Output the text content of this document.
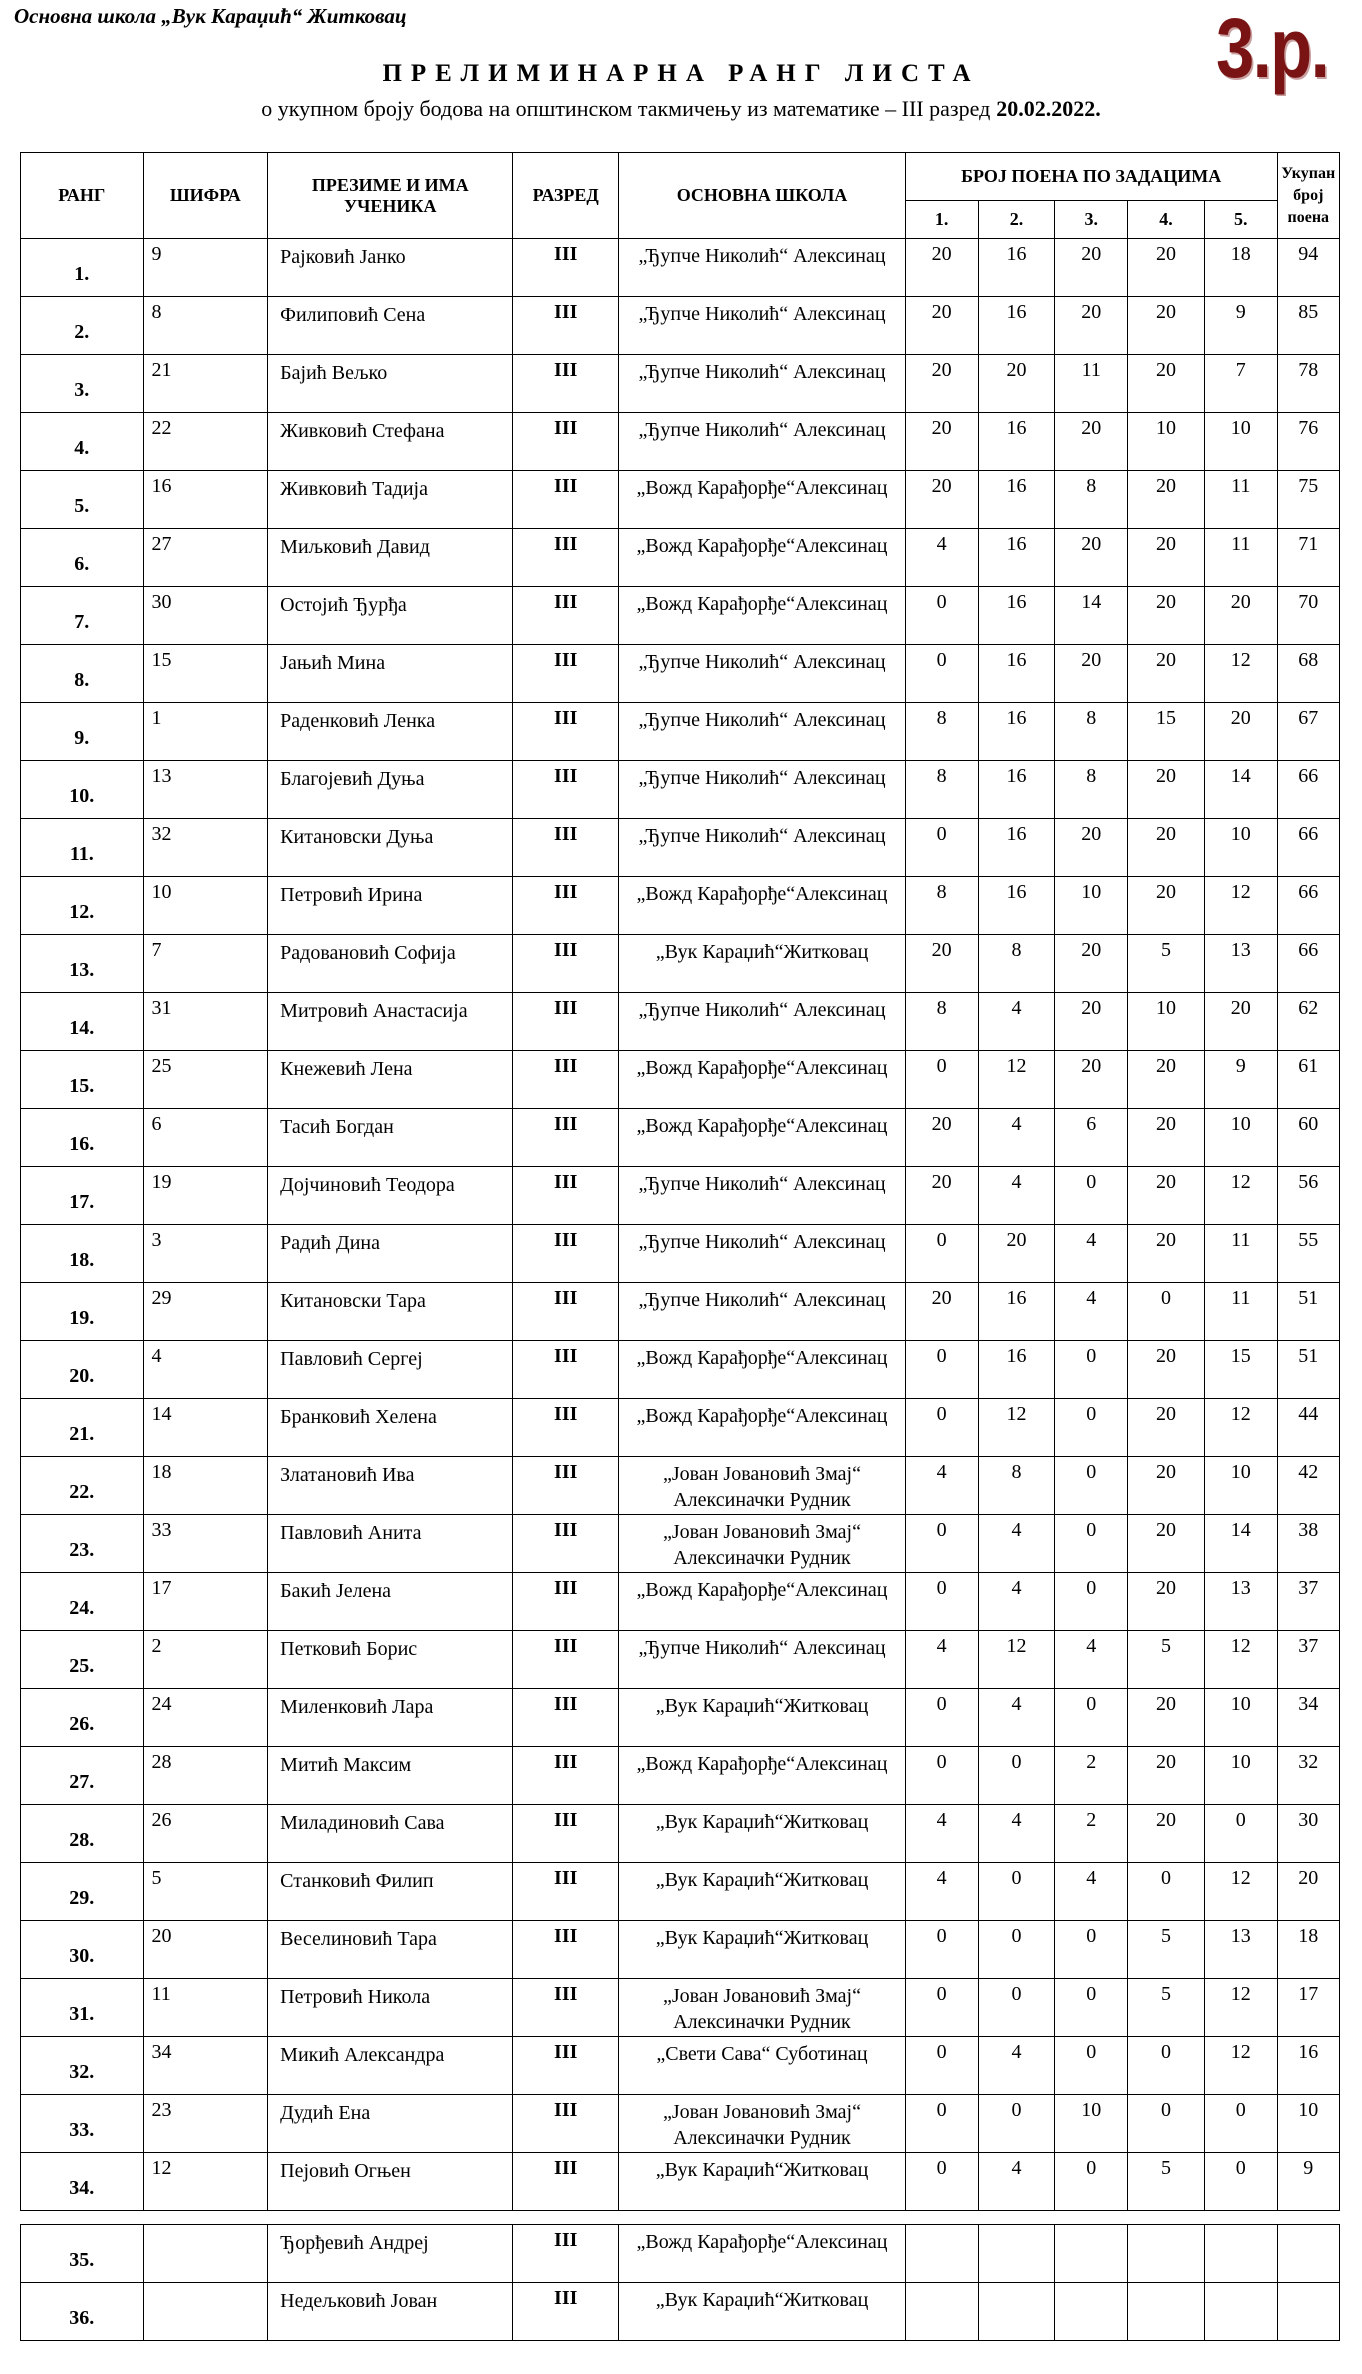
Основна школа „Вук Караџић“ Житковац	3.р.
ПРЕЛИМИНАРНА РАНГ ЛИСТА
о укупном броју бодова на општинском такмичењу из математике – III разред 20.02.2022.
РАНГ	ШИФРА	ПРЕЗИМЕ И ИМА УЧЕНИКА	РАЗРЕД	ОСНОВНА ШКОЛА	БРОЈ ПОЕНА ПО ЗАДАЦИМА					Укупан број поена
					1.	2.	3.	4.	5.	
1.	9	Рајковић Јанко	III	„Ђупче Николић“ Алексинац	20	16	20	20	18	94
2.	8	Филиповић Сена	III	„Ђупче Николић“ Алексинац	20	16	20	20	9	85
3.	21	Бајић Вељко	III	„Ђупче Николић“ Алексинац	20	20	11	20	7	78
4.	22	Живковић Стефана	III	„Ђупче Николић“ Алексинац	20	16	20	10	10	76
5.	16	Живковић Тадија	III	„Вожд Карађорђе“Алексинац	20	16	8	20	11	75
6.	27	Миљковић Давид	III	„Вожд Карађорђе“Алексинац	4	16	20	20	11	71
7.	30	Остојић Ђурђа	III	„Вожд Карађорђе“Алексинац	0	16	14	20	20	70
8.	15	Јањић Мина	III	„Ђупче Николић“ Алексинац	0	16	20	20	12	68
9.	1	Раденковић Ленка	III	„Ђупче Николић“ Алексинац	8	16	8	15	20	67
10.	13	Благојевић Дуња	III	„Ђупче Николић“ Алексинац	8	16	8	20	14	66
11.	32	Китановски Дуња	III	„Ђупче Николић“ Алексинац	0	16	20	20	10	66
12.	10	Петровић Ирина	III	„Вожд Карађорђе“Алексинац	8	16	10	20	12	66
13.	7	Радовановић Софија	III	„Вук Караџић“Житковац	20	8	20	5	13	66
14.	31	Митровић Анастасија	III	„Ђупче Николић“ Алексинац	8	4	20	10	20	62
15.	25	Кнежевић Лена	III	„Вожд Карађорђе“Алексинац	0	12	20	20	9	61
16.	6	Тасић Богдан	III	„Вожд Карађорђе“Алексинац	20	4	6	20	10	60
17.	19	Дојчиновић Теодора	III	„Ђупче Николић“ Алексинац	20	4	0	20	12	56
18.	3	Радић Дина	III	„Ђупче Николић“ Алексинац	0	20	4	20	11	55
19.	29	Китановски Тара	III	„Ђупче Николић“ Алексинац	20	16	4	0	11	51
20.	4	Павловић Сергеј	III	„Вожд Карађорђе“Алексинац	0	16	0	20	15	51
21.	14	Бранковић Хелена	III	„Вожд Карађорђе“Алексинац	0	12	0	20	12	44
22.	18	Златановић Ива	III	„Јован Јовановић Змај“ Алексиначки Рудник	4	8	0	20	10	42
23.	33	Павловић Анита	III	„Јован Јовановић Змај“ Алексиначки Рудник	0	4	0	20	14	38
24.	17	Бакић Јелена	III	„Вожд Карађорђе“Алексинац	0	4	0	20	13	37
25.	2	Петковић Борис	III	„Ђупче Николић“ Алексинац	4	12	4	5	12	37
26.	24	Миленковић Лара	III	„Вук Караџић“Житковац	0	4	0	20	10	34
27.	28	Митић Максим	III	„Вожд Карађорђе“Алексинац	0	0	2	20	10	32
28.	26	Миладиновић Сава	III	„Вук Караџић“Житковац	4	4	2	20	0	30
29.	5	Станковић Филип	III	„Вук Караџић“Житковац	4	0	4	0	12	20
30.	20	Веселиновић Тара	III	„Вук Караџић“Житковац	0	0	0	5	13	18
31.	11	Петровић Никола	III	„Јован Јовановић Змај“ Алексиначки Рудник	0	0	0	5	12	17
32.	34	Микић Александра	III	„Свети Сава“ Суботинац	0	4	0	0	12	16
33.	23	Дудић Ена	III	„Јован Јовановић Змај“ Алексиначки Рудник	0	0	10	0	0	10
34.	12	Пејовић Огњен	III	„Вук Караџић“Житковац	0	4	0	5	0	9

35.		Ђорђевић Андреј	III	„Вожд Карађорђе“Алексинац						
36.		Недељковић Јован	III	„Вук Караџић“Житковац						
